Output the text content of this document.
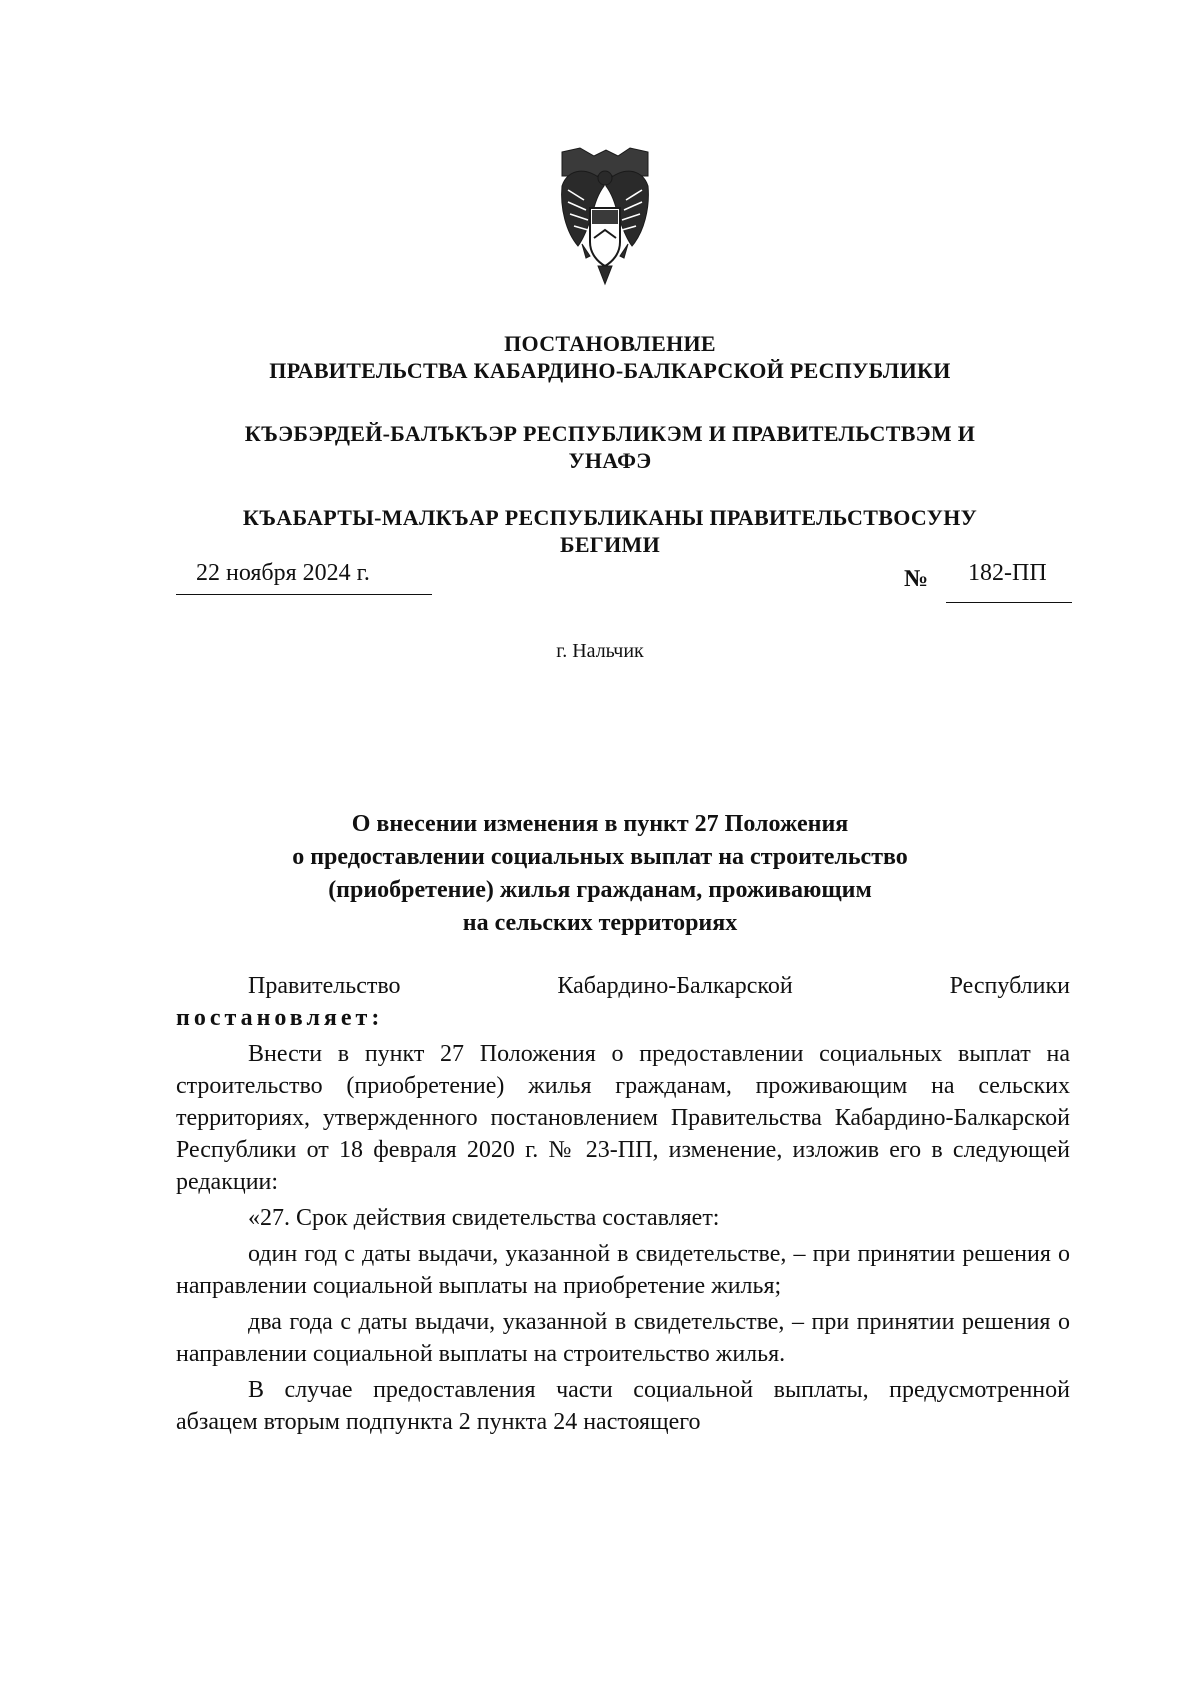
ПОСТАНОВЛЕНИЕ
ПРАВИТЕЛЬСТВА КАБАРДИНО-БАЛКАРСКОЙ РЕСПУБЛИКИ
КЪЭБЭРДЕЙ-БАЛЪКЪЭР РЕСПУБЛИКЭМ И ПРАВИТЕЛЬСТВЭМ И
УНАФЭ
КЪАБАРТЫ-МАЛКЪАР РЕСПУБЛИКАНЫ ПРАВИТЕЛЬСТВОСУНУ
БЕГИМИ
22 ноября 2024 г.	№ 182-ПП
г. Нальчик
О внесении изменения в пункт 27 Положения
о предоставлении социальных выплат на строительство
(приобретение) жилья гражданам, проживающим
на сельских территориях

Правительство Кабардино-Балкарской Республики

постановляет:

Внести в пункт 27 Положения о предоставлении социальных выплат на строительство (приобретение) жилья гражданам, проживающим на сельских территориях, утвержденного постановлением Правительства Кабардино-Балкарской Республики от 18 февраля 2020 г. № 23-ПП, изменение, изложив его в следующей редакции:

«27. Срок действия свидетельства составляет:

один год с даты выдачи, указанной в свидетельстве, – при принятии решения о направлении социальной выплаты на приобретение жилья;

два года с даты выдачи, указанной в свидетельстве, – при принятии решения о направлении социальной выплаты на строительство жилья.

В случае предоставления части социальной выплаты, предусмотренной абзацем вторым подпункта 2 пункта 24 настоящего
